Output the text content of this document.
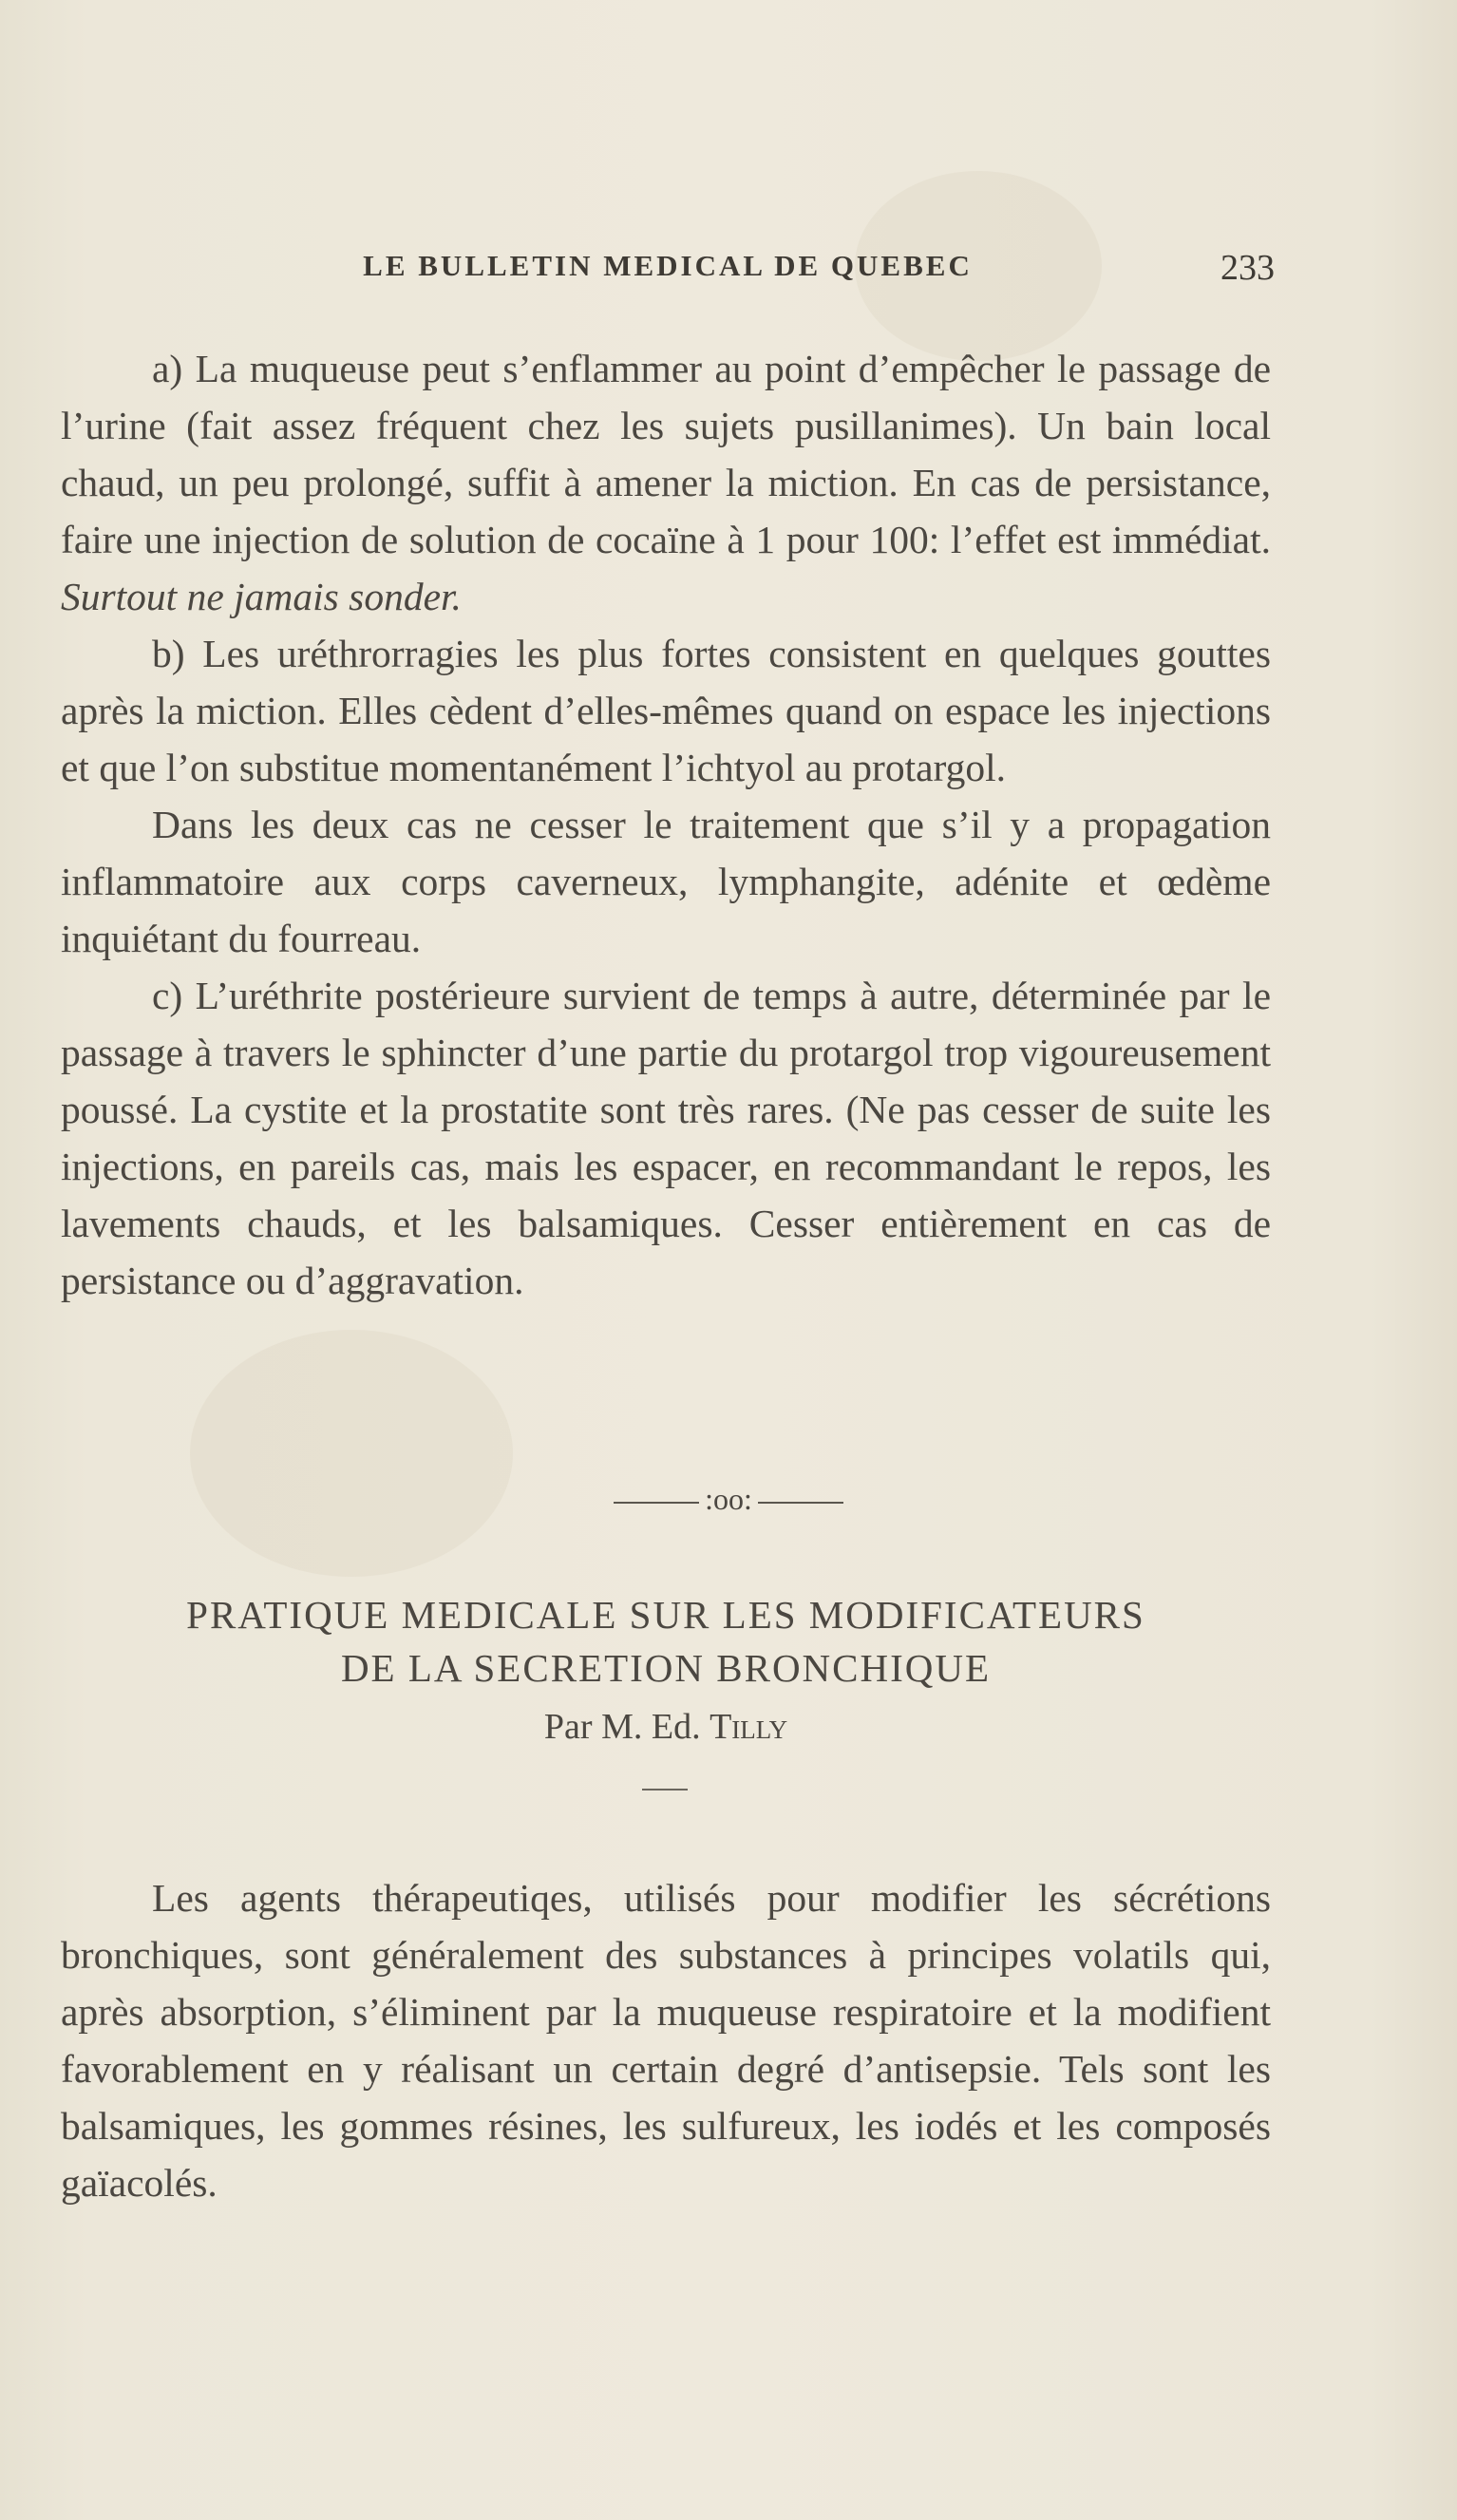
LE BULLETIN MEDICAL DE QUEBEC	233

a) La muqueuse peut s’enflammer au point d’empêcher le passage de l’urine (fait assez fréquent chez les sujets pusillanimes). Un bain local chaud, un peu prolongé, suffit à amener la miction. En cas de persistance, faire une injection de solution de cocaïne à 1 pour 100: l’effet est immédiat. Surtout ne jamais sonder.

b) Les uréthrorragies les plus fortes consistent en quelques gouttes après la miction. Elles cèdent d’elles-mêmes quand on espace les injections et que l’on substitue momentanément l’ichtyol au protargol.

Dans les deux cas ne cesser le traitement que s’il y a propagation inflammatoire aux corps caverneux, lymphangite, adénite et œdème inquiétant du fourreau.

c) L’uréthrite postérieure survient de temps à autre, déterminée par le passage à travers le sphincter d’une partie du protargol trop vigoureusement poussé. La cystite et la prostatite sont très rares. (Ne pas cesser de suite les injections, en pareils cas, mais les espacer, en recommandant le repos, les lavements chauds, et les balsamiques. Cesser entièrement en cas de persistance ou d’aggravation.

:oo:
PRATIQUE MEDICALE SUR LES MODIFICATEURS
DE LA SECRETION BRONCHIQUE
Par M. Ed. Tilly

Les agents thérapeutiqes, utilisés pour modifier les sécrétions bronchiques, sont généralement des substances à principes volatils qui, après absorption, s’éliminent par la muqueuse respiratoire et la modifient favorablement en y réalisant un certain degré d’antisepsie. Tels sont les balsamiques, les gommes résines, les sulfureux, les iodés et les composés gaïacolés.
